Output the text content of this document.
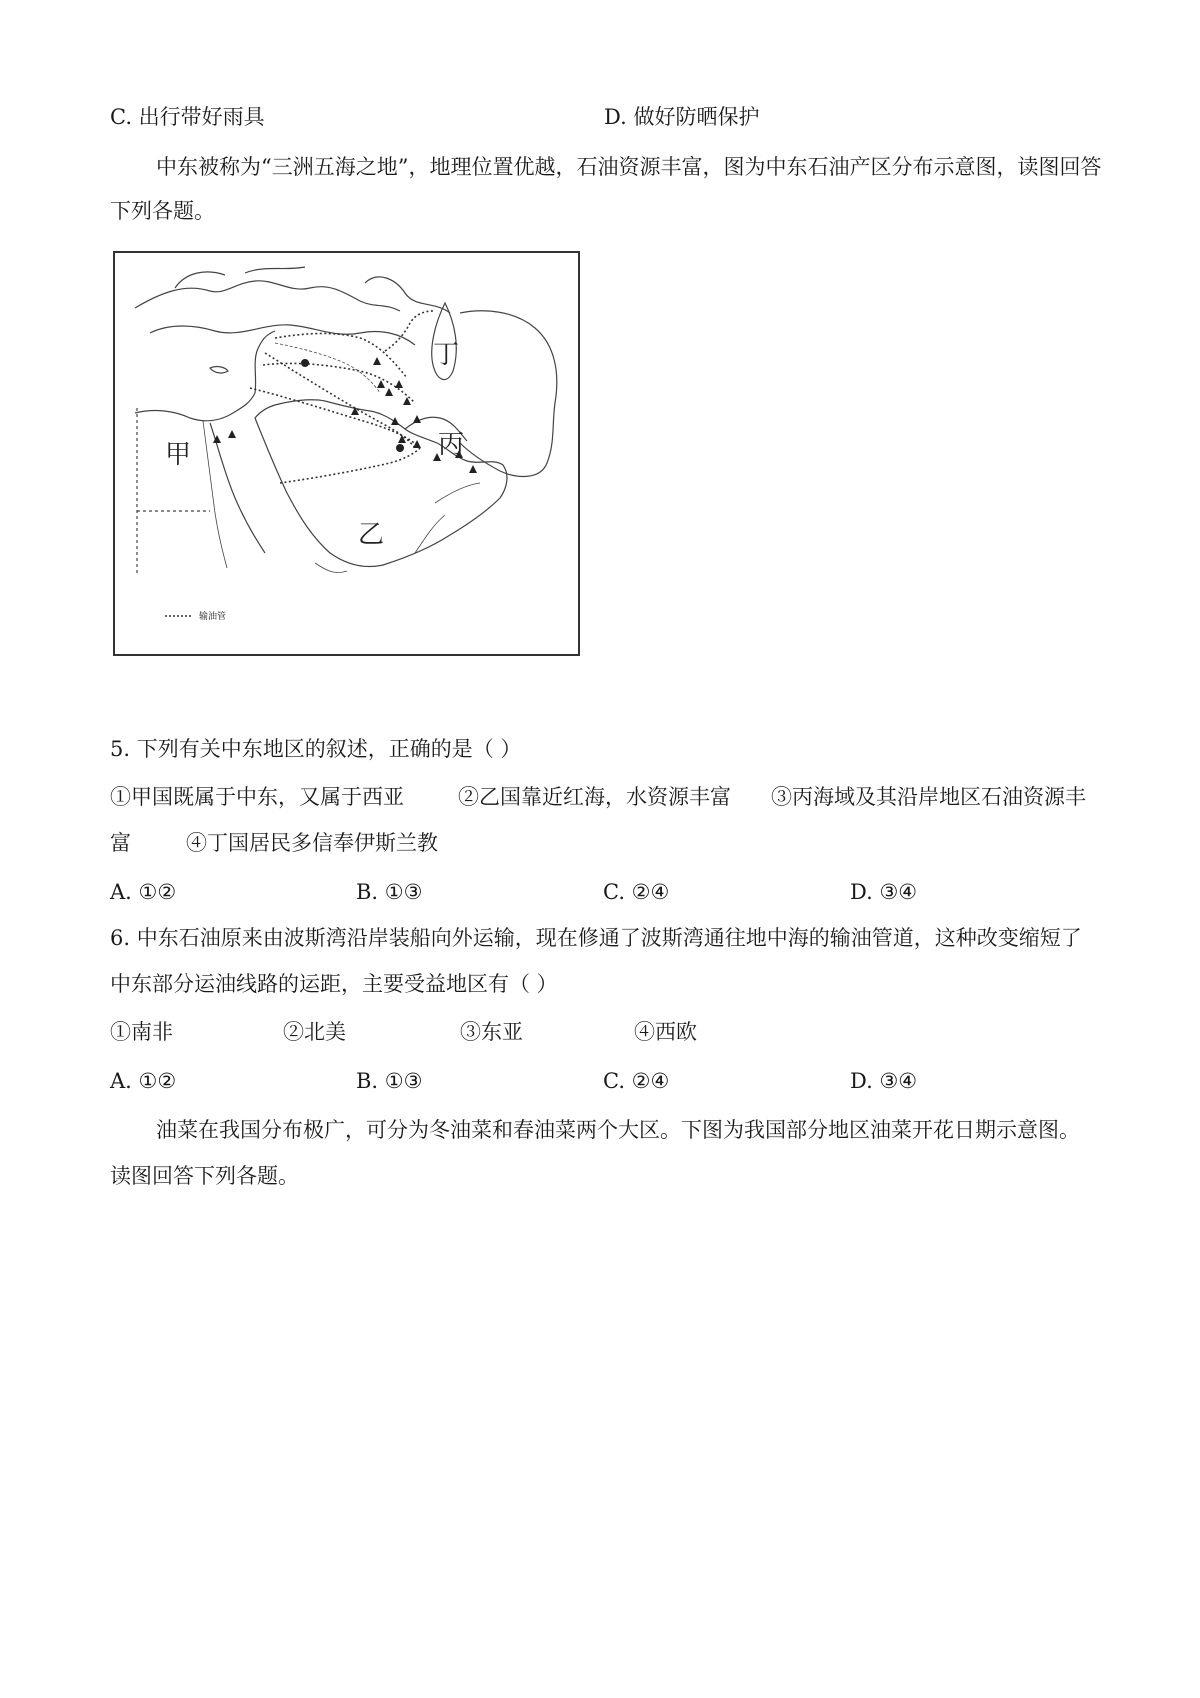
C. 出行带好雨具	D. 做好防晒保护
中东被称为“三洲五海之地”，地理位置优越，石油资源丰富，图为中东石油产区分布示意图，读图回答
下列各题。
丁
甲	丙
乙
输油管
5. 下列有关中东地区的叙述，正确的是（ ）
①甲国既属于中东，又属于西亚	②乙国靠近红海，水资源丰富 ③丙海域及其沿岸地区石油资源丰
富	④丁国居民多信奉伊斯兰教
A. ①②	B. ①③	C. ②④	D. ③④
6. 中东石油原来由波斯湾沿岸装船向外运输，现在修通了波斯湾通往地中海的输油管道，这种改变缩短了
中东部分运油线路的运距，主要受益地区有（ ）
①南非	②北美	③东亚	④西欧
A. ①②	B. ①③	C. ②④	D. ③④
油菜在我国分布极广，可分为冬油菜和春油菜两个大区。下图为我国部分地区油菜开花日期示意图。
读图回答下列各题。
